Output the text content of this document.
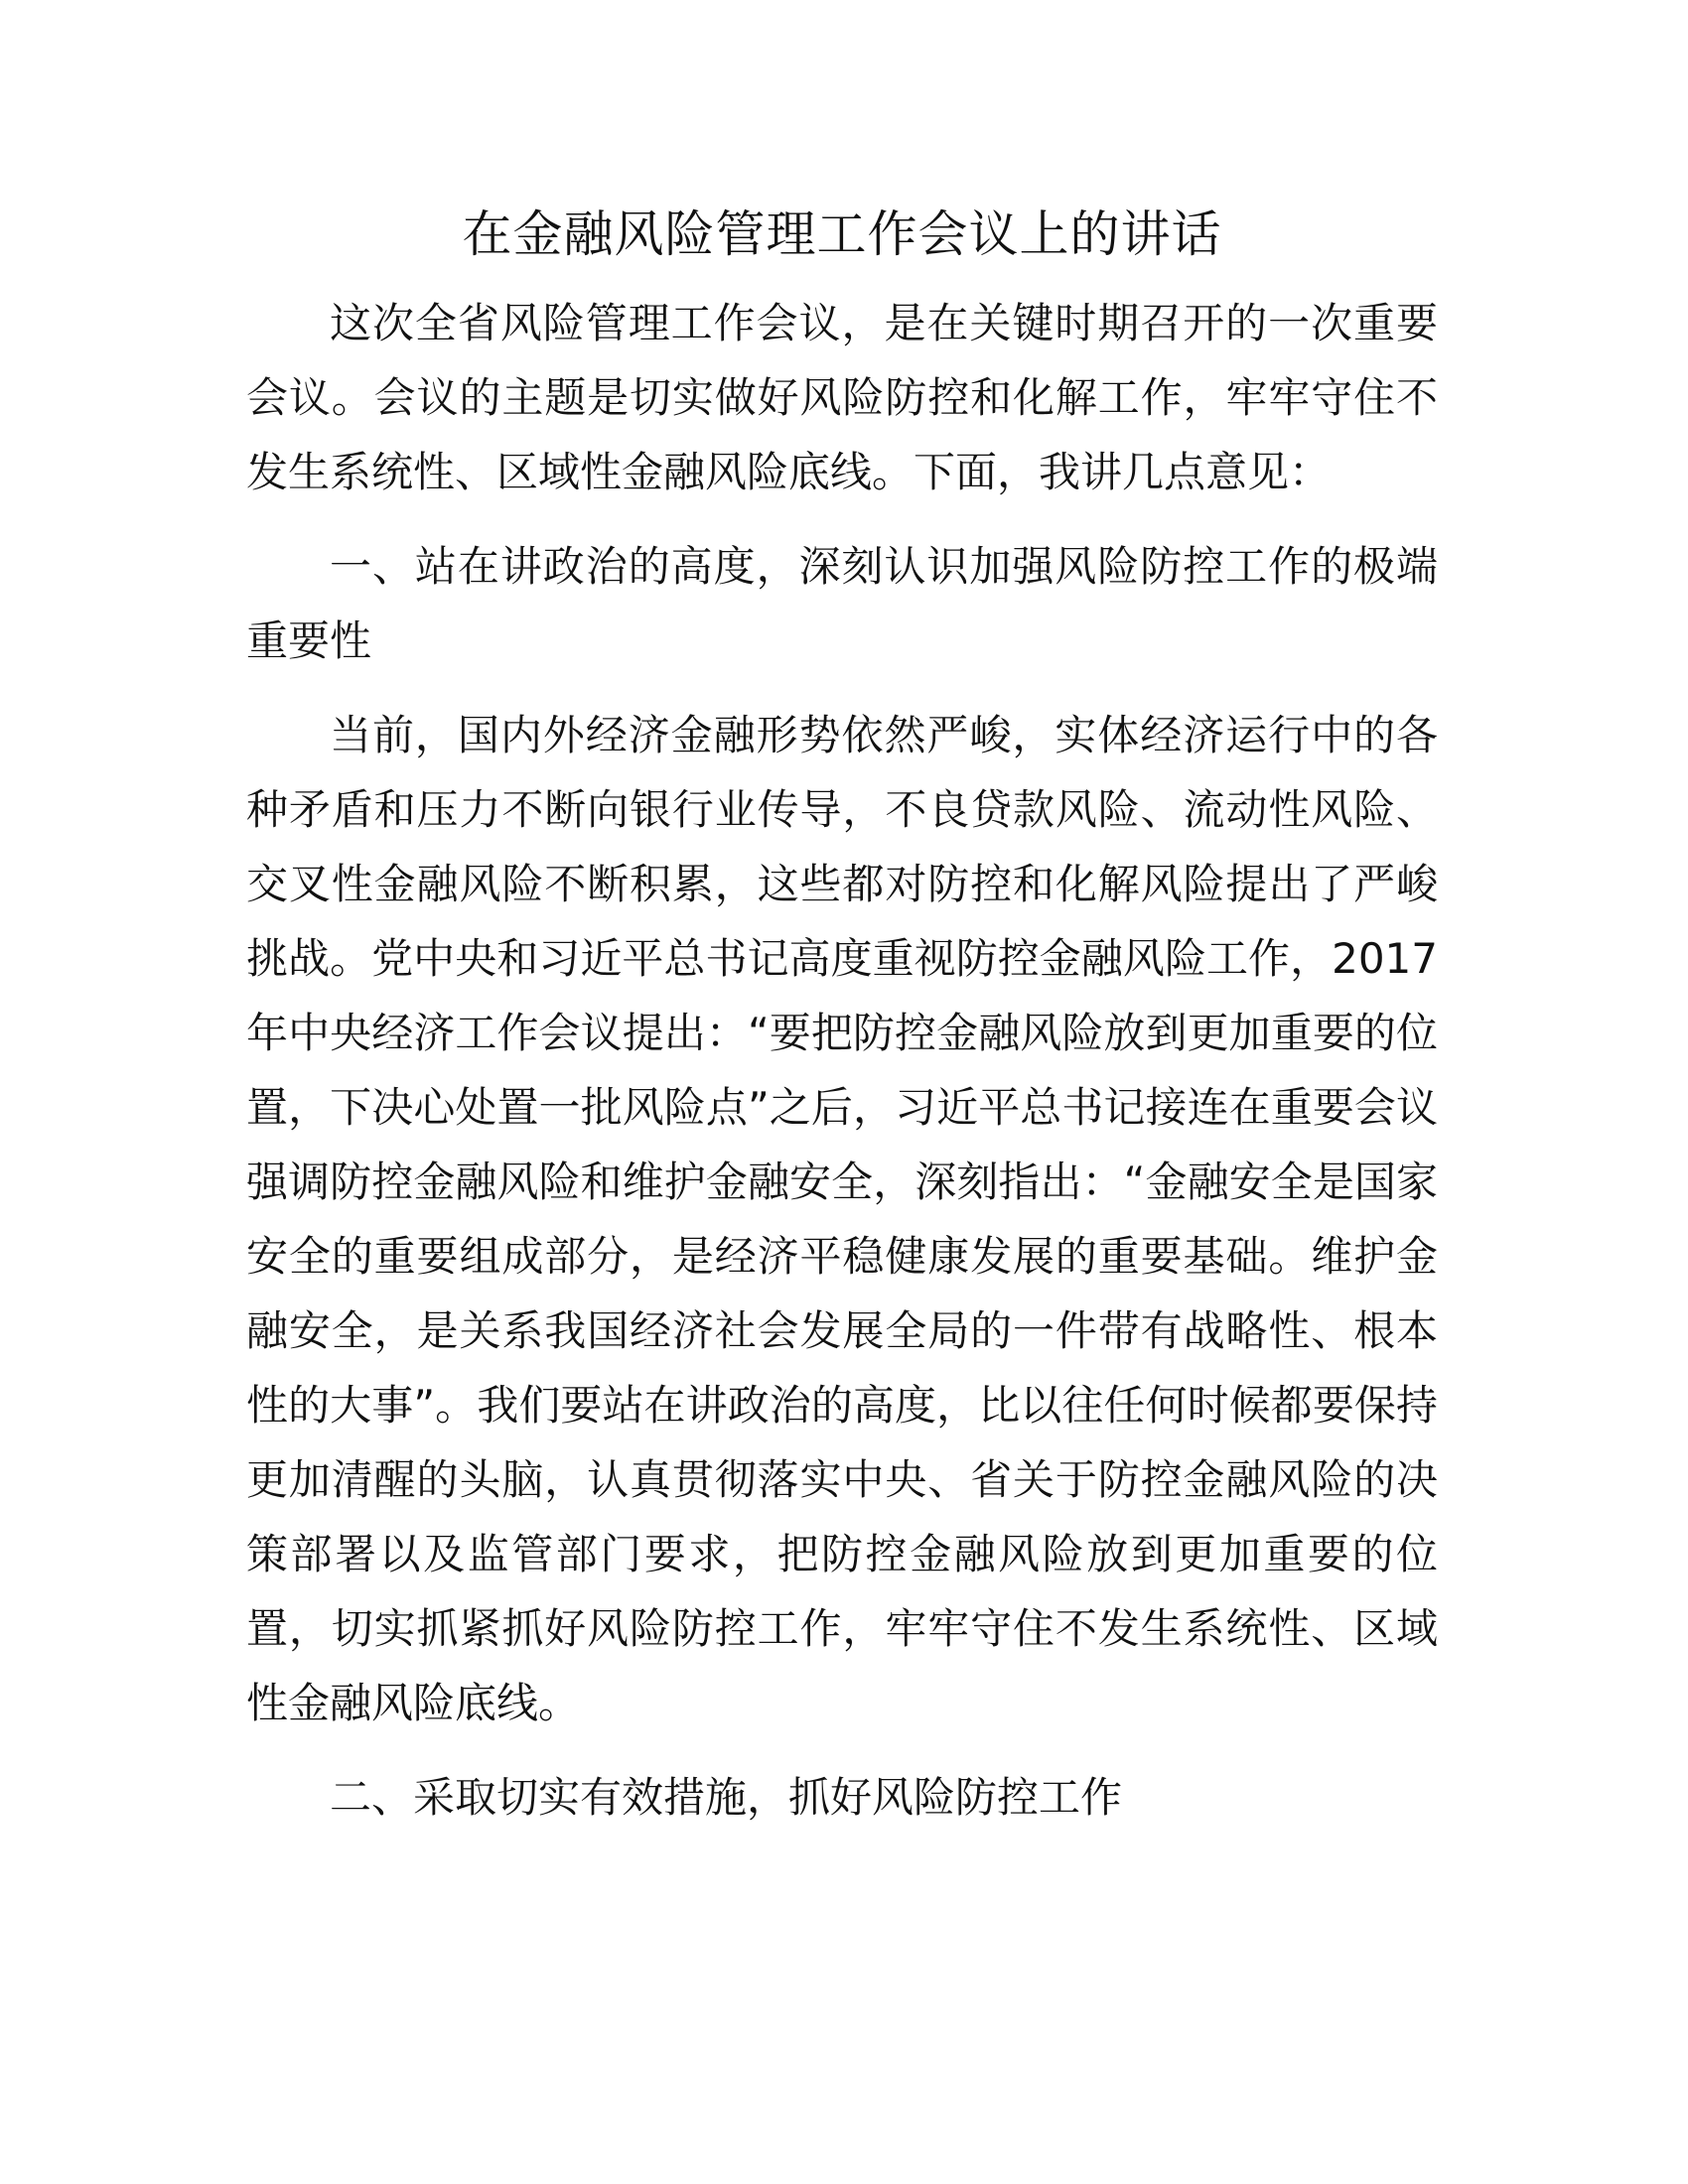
在金融风险管理工作会议上的讲话

这次全省风险管理工作会议，是在关键时期召开的一次重要会议。会议的主题是切实做好风险防控和化解工作，牢牢守住不发生系统性、区域性金融风险底线。下面，我讲几点意见：

一、站在讲政治的高度，深刻认识加强风险防控工作的极端重要性

当前，国内外经济金融形势依然严峻，实体经济运行中的各种矛盾和压力不断向银行业传导，不良贷款风险、流动性风险、交叉性金融风险不断积累，这些都对防控和化解风险提出了严峻挑战。党中央和习近平总书记高度重视防控金融风险工作，2017 年中央经济工作会议提出：“要把防控金融风险放到更加重要的位置，下决心处置一批风险点”之后，习近平总书记接连在重要会议强调防控金融风险和维护金融安全，深刻指出：“金融安全是国家安全的重要组成部分，是经济平稳健康发展的重要基础。维护金融安全，是关系我国经济社会发展全局的一件带有战略性、根本性的大事”。我们要站在讲政治的高度，比以往任何时候都要保持更加清醒的头脑，认真贯彻落实中央、省关于防控金融风险的决策部署以及监管部门要求，把防控金融风险放到更加重要的位置，切实抓紧抓好风险防控工作，牢牢守住不发生系统性、区域性金融风险底线。

二、采取切实有效措施，抓好风险防控工作
